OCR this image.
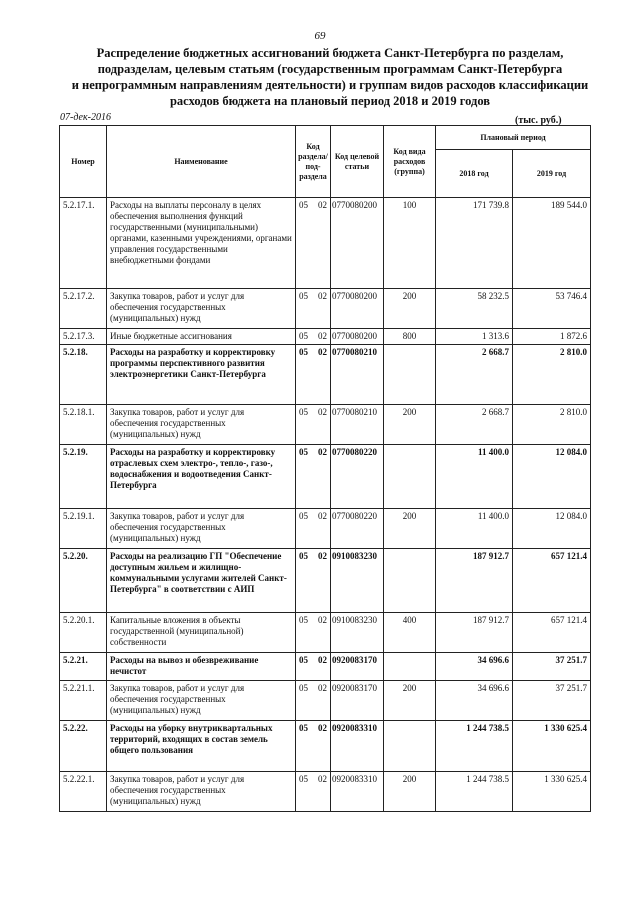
69
Распределение бюджетных ассигнований бюджета Санкт-Петербурга по разделам,
подразделам, целевым статьям (государственным программам Санкт-Петербурга
и непрограммным направлениям деятельности) и группам видов расходов классификации
расходов бюджета на плановый период 2018 и 2019 годов
07-дек-2016	(тыс. руб.)
Номер	Наименование	Код раздела/ под-раздела	Код целевой статьи	Код вида расходов (группа)	Плановый период	
					2018 год	2019 год
5.2.17.1.	Расходы на выплаты персоналу в целях обеспечения выполнения функций государственными (муниципальными) органами, казенными учреждениями, органами управления государственными внебюджетными фондами	05 02	0770080200	100	171 739.8	189 544.0
5.2.17.2.	Закупка товаров, работ и услуг для обеспечения государственных (муниципальных) нужд	05 02	0770080200	200	58 232.5	53 746.4
5.2.17.3.	Иные бюджетные ассигнования	05 02	0770080200	800	1 313.6	1 872.6
5.2.18.	Расходы на разработку и корректировку программы перспективного развития электроэнергетики Санкт-Петербурга	05 02	0770080210		2 668.7	2 810.0
5.2.18.1.	Закупка товаров, работ и услуг для обеспечения государственных (муниципальных) нужд	05 02	0770080210	200	2 668.7	2 810.0
5.2.19.	Расходы на разработку и корректировку отраслевых схем электро-, тепло-, газо-, водоснабжения и водоотведения Санкт-Петербурга	05 02	0770080220		11 400.0	12 084.0
5.2.19.1.	Закупка товаров, работ и услуг для обеспечения государственных (муниципальных) нужд	05 02	0770080220	200	11 400.0	12 084.0
5.2.20.	Расходы на реализацию ГП "Обеспечение доступным жильем и жилищно-коммунальными услугами жителей Санкт-Петербурга" в соответствии с АИП	05 02	0910083230		187 912.7	657 121.4
5.2.20.1.	Капитальные вложения в объекты государственной (муниципальной) собственности	05 02	0910083230	400	187 912.7	657 121.4
5.2.21.	Расходы на вывоз и обезвреживание нечистот	05 02	0920083170		34 696.6	37 251.7
5.2.21.1.	Закупка товаров, работ и услуг для обеспечения государственных (муниципальных) нужд	05 02	0920083170	200	34 696.6	37 251.7
5.2.22.	Расходы на уборку внутриквартальных территорий, входящих в состав земель общего пользования	05 02	0920083310		1 244 738.5	1 330 625.4
5.2.22.1.	Закупка товаров, работ и услуг для обеспечения государственных (муниципальных) нужд	05 02	0920083310	200	1 244 738.5	1 330 625.4
